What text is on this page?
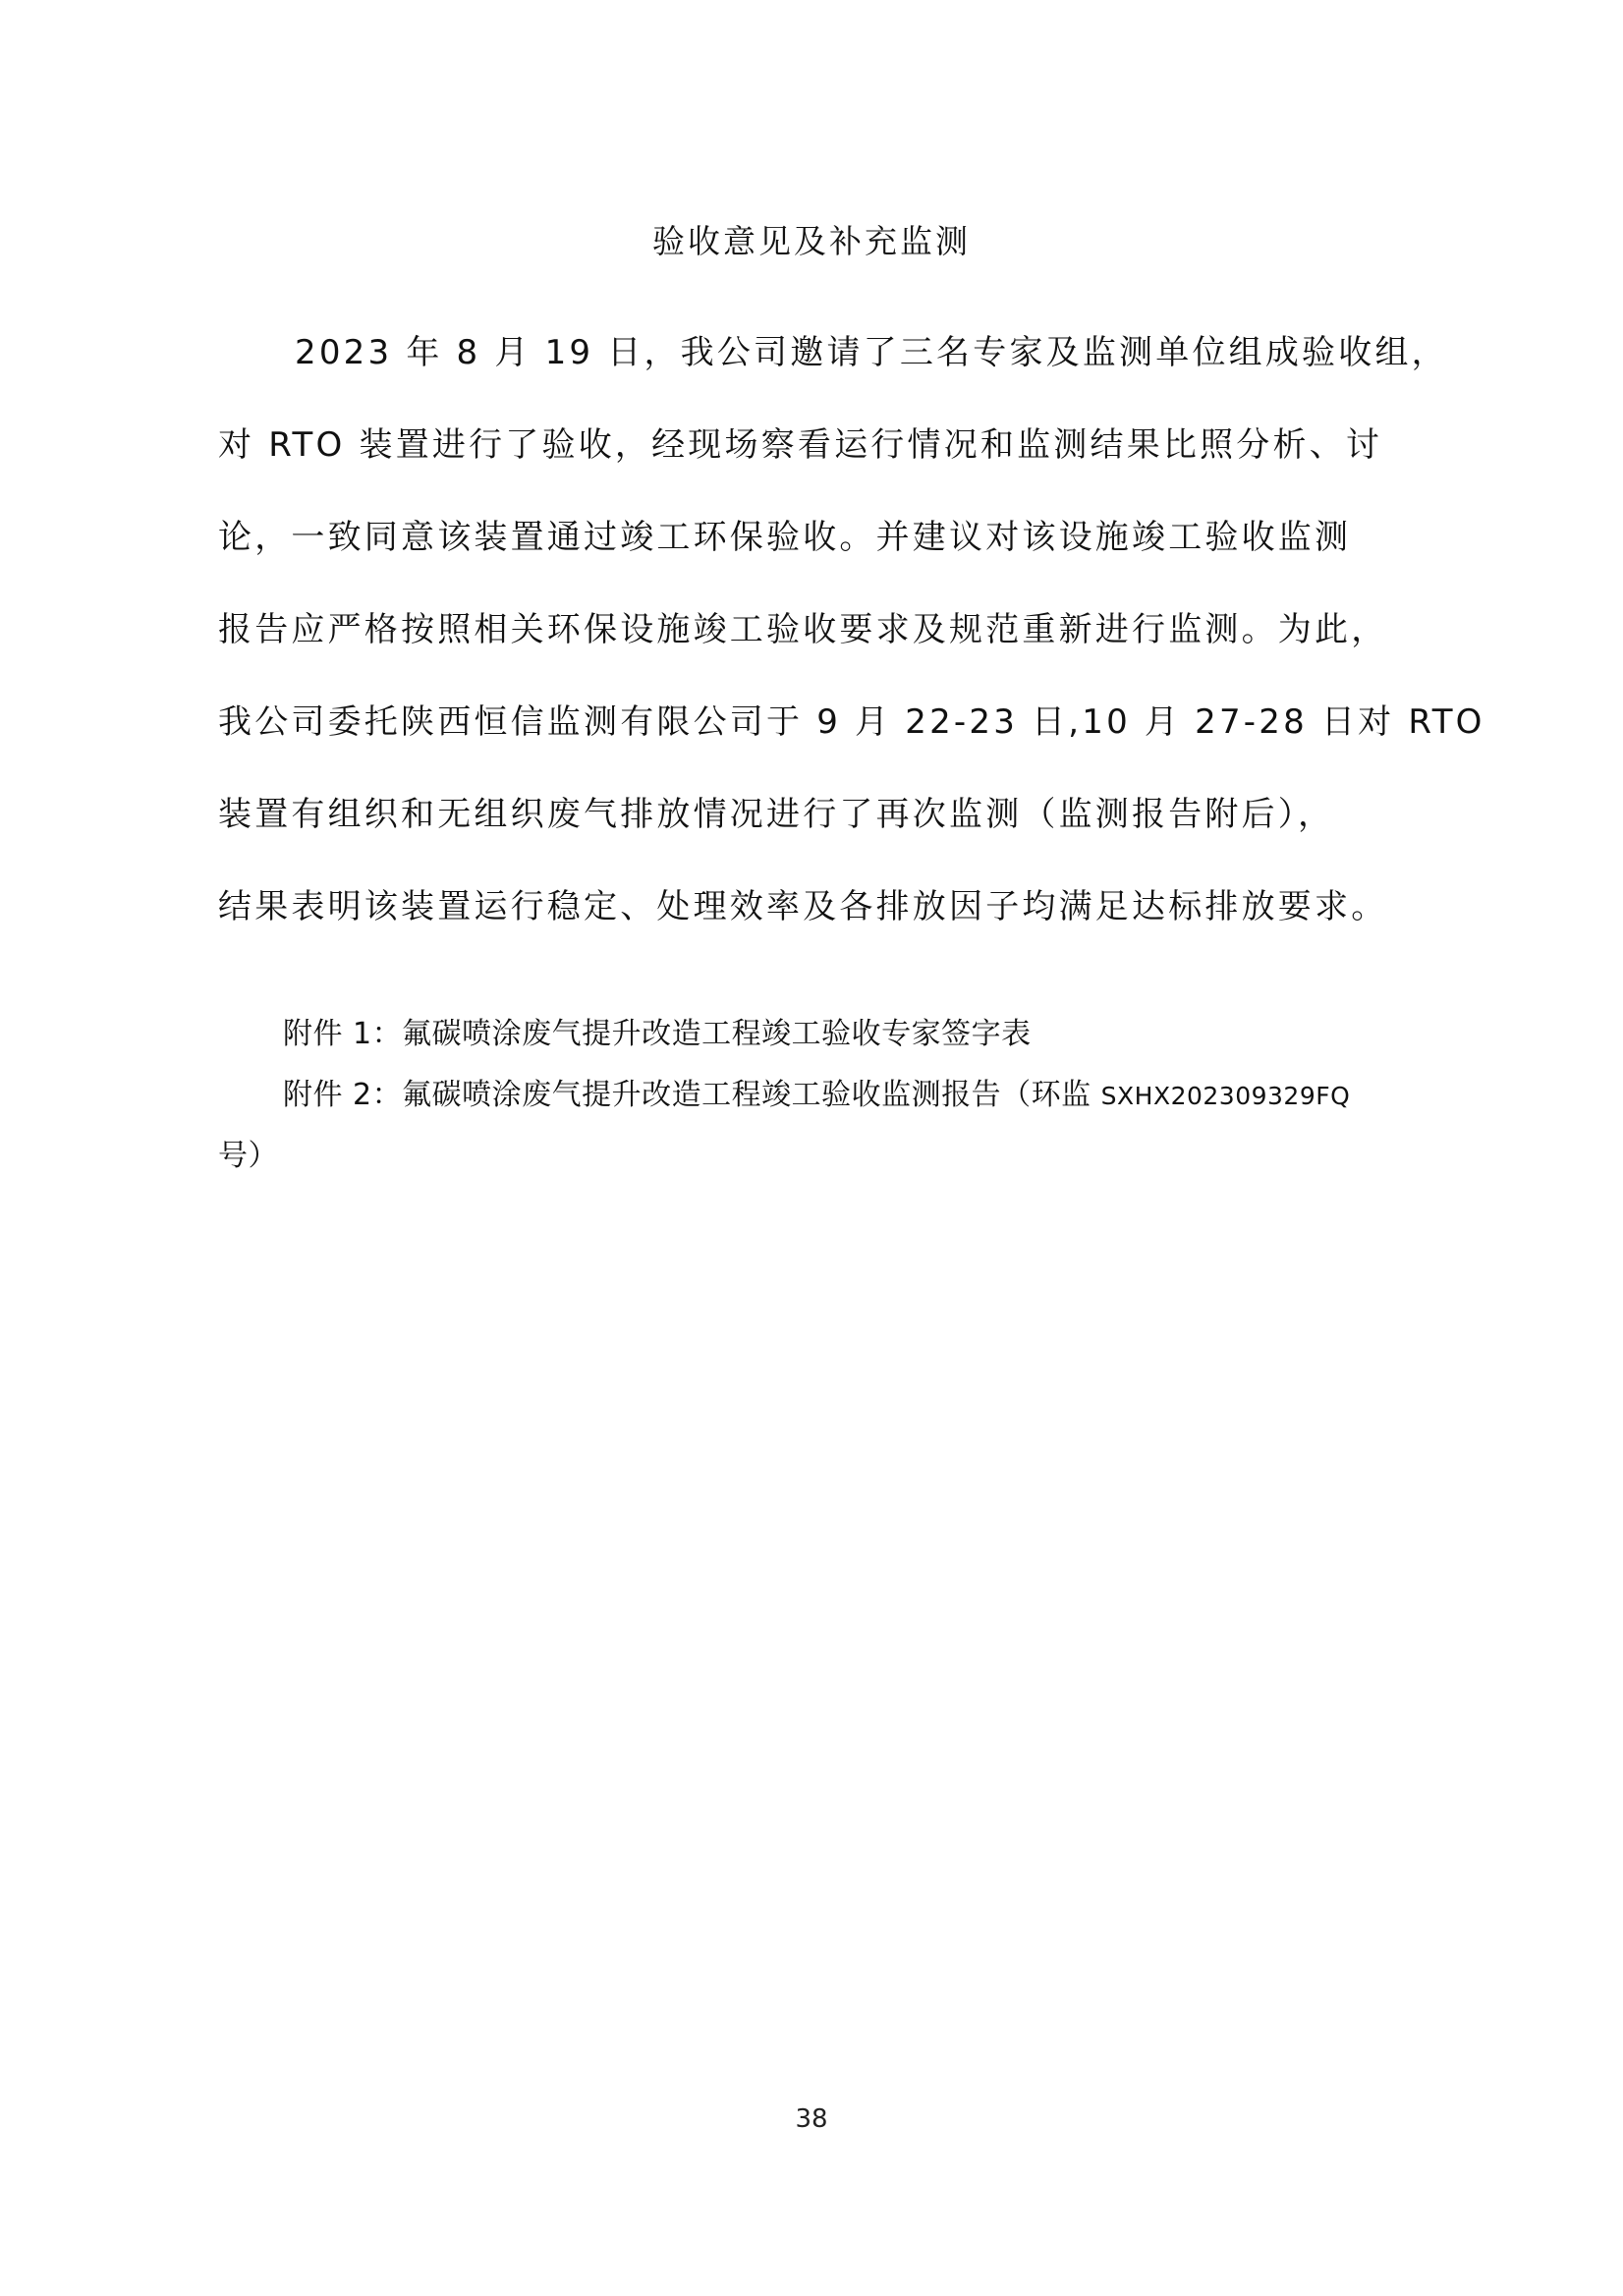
验收意见及补充监测
2023 年 8 月 19 日，我公司邀请了三名专家及监测单位组成验收组，
对 RTO 装置进行了验收，经现场察看运行情况和监测结果比照分析、讨
论，一致同意该装置通过竣工环保验收。并建议对该设施竣工验收监测
报告应严格按照相关环保设施竣工验收要求及规范重新进行监测。为此，
我公司委托陕西恒信监测有限公司于 9 月 22-23 日,10 月 27-28 日对 RTO
装置有组织和无组织废气排放情况进行了再次监测（监测报告附后），
结果表明该装置运行稳定、处理效率及各排放因子均满足达标排放要求。
附件 1：氟碳喷涂废气提升改造工程竣工验收专家签字表
附件 2：氟碳喷涂废气提升改造工程竣工验收监测报告（环监 SXHX202309329FQ
号）
38
